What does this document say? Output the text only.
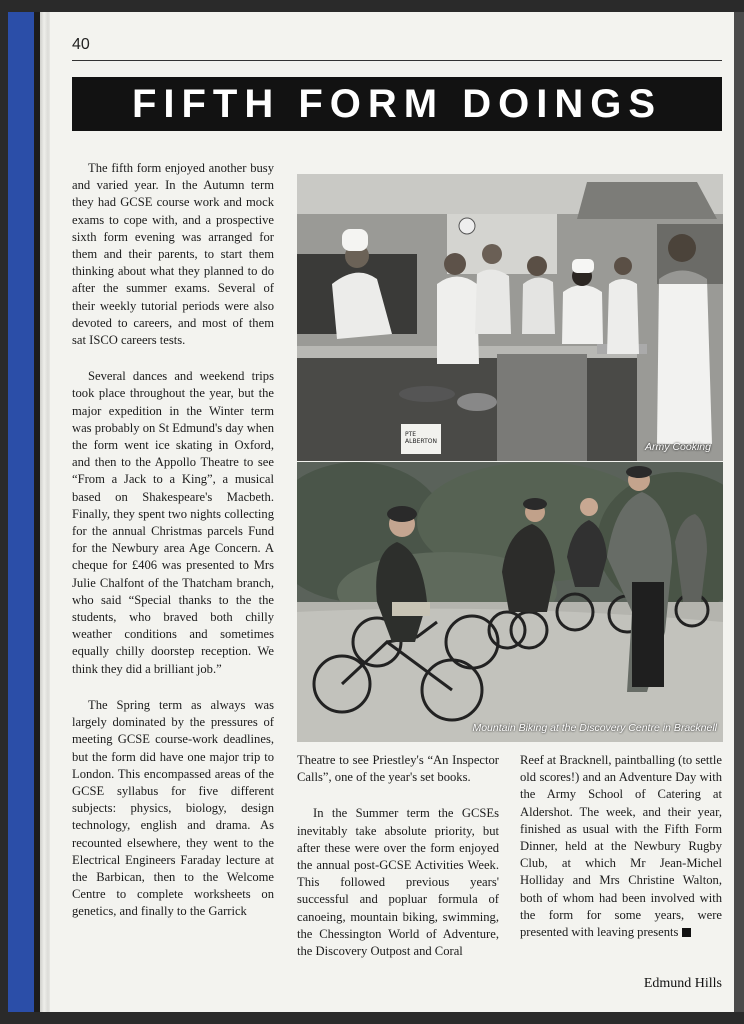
40
FIFTH FORM DOINGS

The fifth form enjoyed another busy and varied year. In the Autumn term they had GCSE course work and mock exams to cope with, and a prospective sixth form evening was arranged for them and their parents, to start them thinking about what they planned to do after the summer exams. Several of their weekly tutorial periods were also devoted to careers, and most of them sat ISCO careers tests.

Several dances and weekend trips took place throughout the year, but the major expedition in the Winter term was probably on St Edmund's day when the form went ice skating in Oxford, and then to the Appollo Theatre to see “From a Jack to a King”, a musical based on Shakespeare's Macbeth. Finally, they spent two nights collecting for the annual Christmas parcels Fund for the Newbury area Age Concern. A cheque for £406 was presented to Mrs Julie Chalfont of the Thatcham branch, who said “Special thanks to the the students, who braved both chilly weather conditions and sometimes equally chilly doorstep reception. We think they did a brilliant job.”

The Spring term as always was largely dominated by the pressures of meeting GCSE course-work deadlines, but the form did have one major trip to London. This encompassed areas of the GCSE syllabus for five different subjects: physics, biology, design technology, english and drama. As recounted elsewhere, they went to the Electrical Engineers Faraday lecture at the Barbican, then to the Welcome Centre to complete worksheets on genetics, and finally to the Garrick

PTE ALBERTON	Army Cooking
Mountain Biking at the Discovery Centre in Bracknell

Theatre to see Priestley's “An Inspector Calls”, one of the year's set books.

In the Summer term the GCSEs inevitably take absolute priority, but after these were over the form enjoyed the annual post-GCSE Activities Week. This followed previous years' successful and popluar formula of canoeing, mountain biking, swimming, the Chessington World of Adventure, the Discovery Outpost and Coral

Reef at Bracknell, paintballing (to settle old scores!) and an Adventure Day with the Army School of Catering at Aldershot. The week, and their year, finished as usual with the Fifth Form Dinner, held at the Newbury Rugby Club, at which Mr Jean-Michel Holliday and Mrs Christine Walton, both of whom had been involved with the form for some years, were presented with leaving presents

Edmund Hills
